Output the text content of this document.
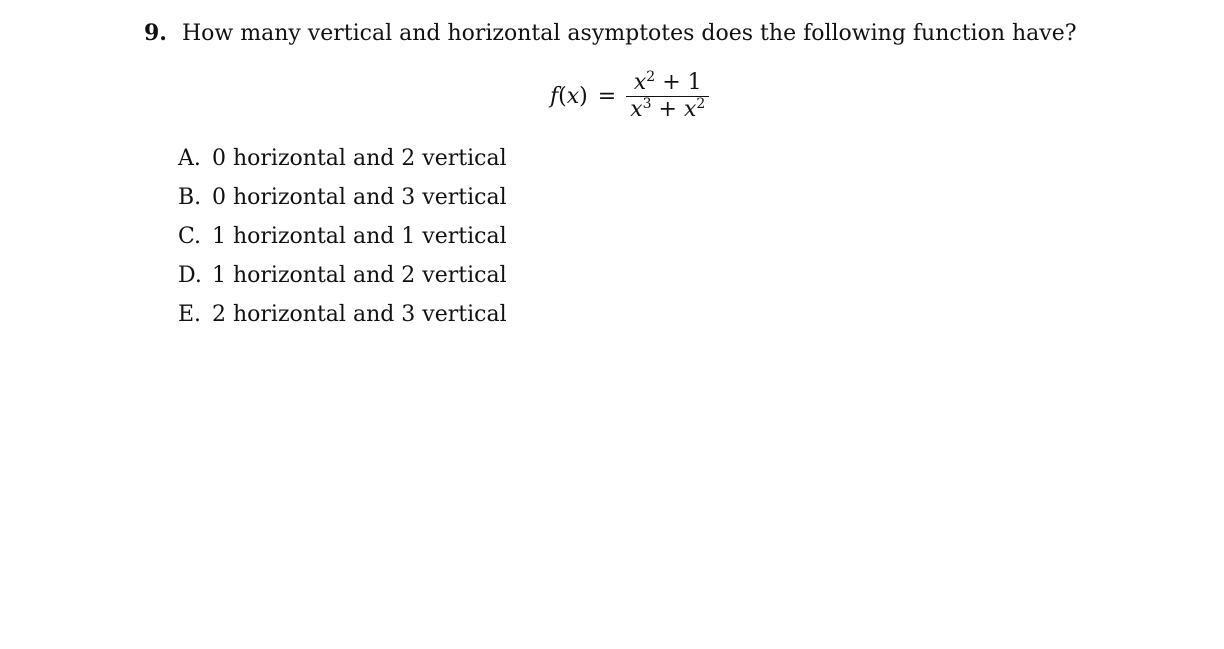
9. How many vertical and horizontal asymptotes does the following function have?
$f(x) = \frac{x^2 + 1}{x^3 + x^2}$
A. 0 horizontal and 2 vertical
B. 0 horizontal and 3 vertical
C. 1 horizontal and 1 vertical
D. 1 horizontal and 2 vertical
E. 2 horizontal and 3 vertical
